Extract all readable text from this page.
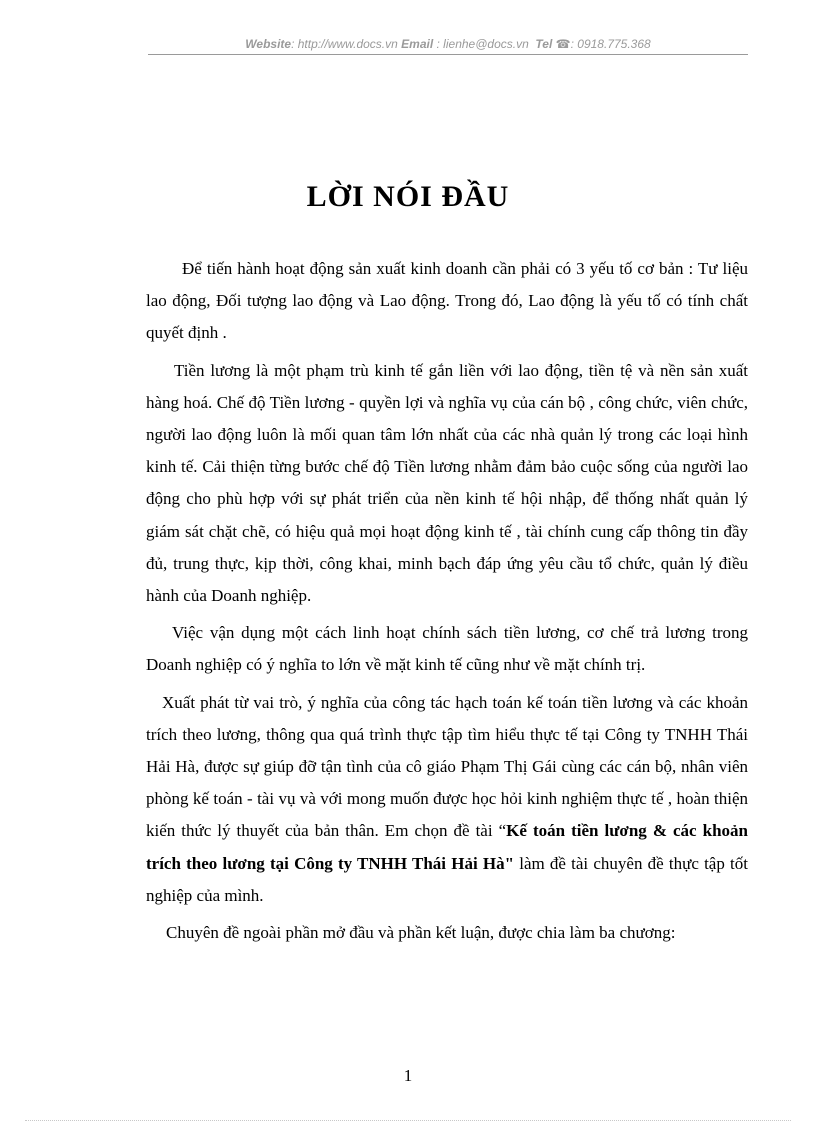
Website: http://www.docs.vn Email : lienhe@docs.vn Tel ☎: 0918.775.368
LỜI NÓI ĐẦU

Để tiến hành hoạt động sản xuất kinh doanh cần phải có 3 yếu tố cơ bản : Tư liệu lao động, Đối tượng lao động và Lao động. Trong đó, Lao động là yếu tố có tính chất quyết định .

Tiền lương là một phạm trù kinh tế gắn liền với lao động, tiền tệ và nền sản xuất hàng hoá. Chế độ Tiền lương - quyền lợi và nghĩa vụ của cán bộ , công chức, viên chức, người lao động luôn là mối quan tâm lớn nhất của các nhà quản lý trong các loại hình kinh tế. Cải thiện từng bước chế độ Tiền lương nhằm đảm bảo cuộc sống của người lao động cho phù hợp với sự phát triển của nền kinh tế hội nhập, để thống nhất quản lý giám sát chặt chẽ, có hiệu quả mọi hoạt động kinh tế , tài chính cung cấp thông tin đầy đủ, trung thực, kịp thời, công khai, minh bạch đáp ứng yêu cầu tổ chức, quản lý điều hành của Doanh nghiệp.

Việc vận dụng một cách linh hoạt chính sách tiền lương, cơ chế trả lương trong Doanh nghiệp có ý nghĩa to lớn về mặt kinh tế cũng như về mặt chính trị.

Xuất phát từ vai trò, ý nghĩa của công tác hạch toán kế toán tiền lương và các khoản trích theo lương, thông qua quá trình thực tập tìm hiểu thực tế tại Công ty TNHH Thái Hải Hà, được sự giúp đỡ tận tình của cô giáo Phạm Thị Gái cùng các cán bộ, nhân viên phòng kế toán - tài vụ và với mong muốn được học hỏi kinh nghiệm thực tế , hoàn thiện kiến thức lý thuyết của bản thân. Em chọn đề tài “Kế toán tiền lương & các khoản trích theo lương tại Công ty TNHH Thái Hải Hà" làm đề tài chuyên đề thực tập tốt nghiệp của mình.

Chuyên đề ngoài phần mở đầu và phần kết luận, được chia làm ba chương:

1
